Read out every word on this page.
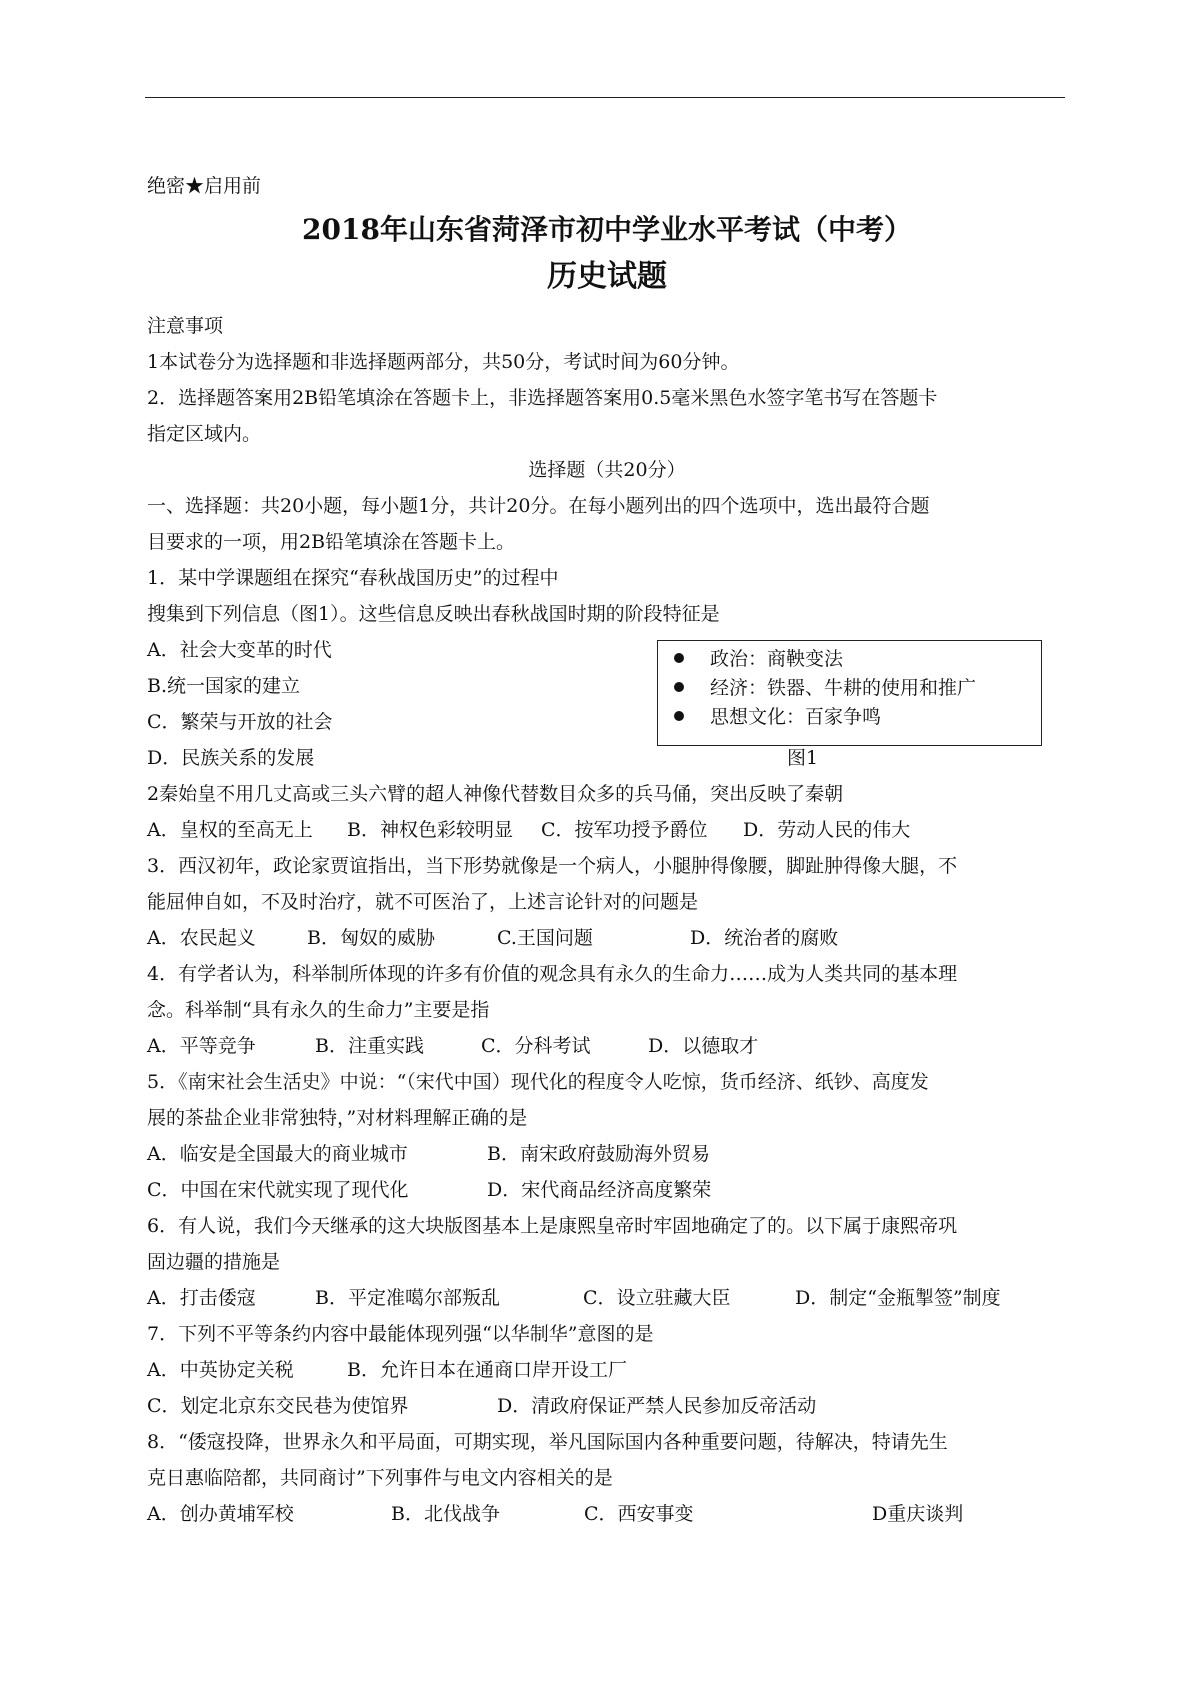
绝密★启用前
2018年山东省菏泽市初中学业水平考试（中考）
历史试题
注意事项
1本试卷分为选择题和非选择题两部分，共50分，考试时间为60分钟。
2．选择题答案用2B铅笔填涂在答题卡上，非选择题答案用0.5毫米黑色水签字笔书写在答题卡
指定区域内。
选择题（共20分）
一、选择题：共20小题，每小题1分，共计20分。在每小题列出的四个选项中，选出最符合题
目要求的一项，用2B铅笔填涂在答题卡上。
1．某中学课题组在探究“春秋战国历史”的过程中
搜集到下列信息（图1）。这些信息反映出春秋战国时期的阶段特征是
A．社会大变革的时代
B.统一国家的建立
C．繁荣与开放的社会
D．民族关系的发展
政治：商鞅变法
经济：铁器、牛耕的使用和推广
思想文化：百家争鸣
图1
2秦始皇不用几丈高或三头六臂的超人神像代替数目众多的兵马俑，突出反映了秦朝
A．皇权的至高无上 B．神权色彩较明显 C．按军功授予爵位 D．劳动人民的伟大
3．西汉初年，政论家贾谊指出，当下形势就像是一个病人，小腿肿得像腰，脚趾肿得像大腿，不
能屈伸自如，不及时治疗，就不可医治了，上述言论针对的问题是
A．农民起义	B．匈奴的威胁	C.王国问题	D．统治者的腐败
4．有学者认为，科举制所体现的许多有价值的观念具有永久的生命力……成为人类共同的基本理
念。科举制“具有永久的生命力”主要是指
A．平等竞争	B．注重实践	C．分科考试	D．以德取才
5．《南宋社会生活史》中说：“（宋代中国）现代化的程度令人吃惊，货币经济、纸钞、高度发
展的茶盐企业非常独特，”对材料理解正确的是
A．临安是全国最大的商业城市	B．南宋政府鼓励海外贸易
C．中国在宋代就实现了现代化	D．宋代商品经济高度繁荣
6．有人说，我们今天继承的这大块版图基本上是康熙皇帝时牢固地确定了的。以下属于康熙帝巩
固边疆的措施是
A．打击倭寇	B．平定准噶尔部叛乱	C．设立驻藏大臣	D．制定“金瓶掣签”制度
7．下列不平等条约内容中最能体现列强“以华制华”意图的是
A．中英协定关税	B．允许日本在通商口岸开设工厂
C．划定北京东交民巷为使馆界	D．清政府保证严禁人民参加反帝活动
8．“倭寇投降，世界永久和平局面，可期实现，举凡国际国内各种重要问题，待解决，特请先生
克日惠临陪都，共同商讨”下列事件与电文内容相关的是
A．创办黄埔军校	B．北伐战争	C．西安事变	D重庆谈判
